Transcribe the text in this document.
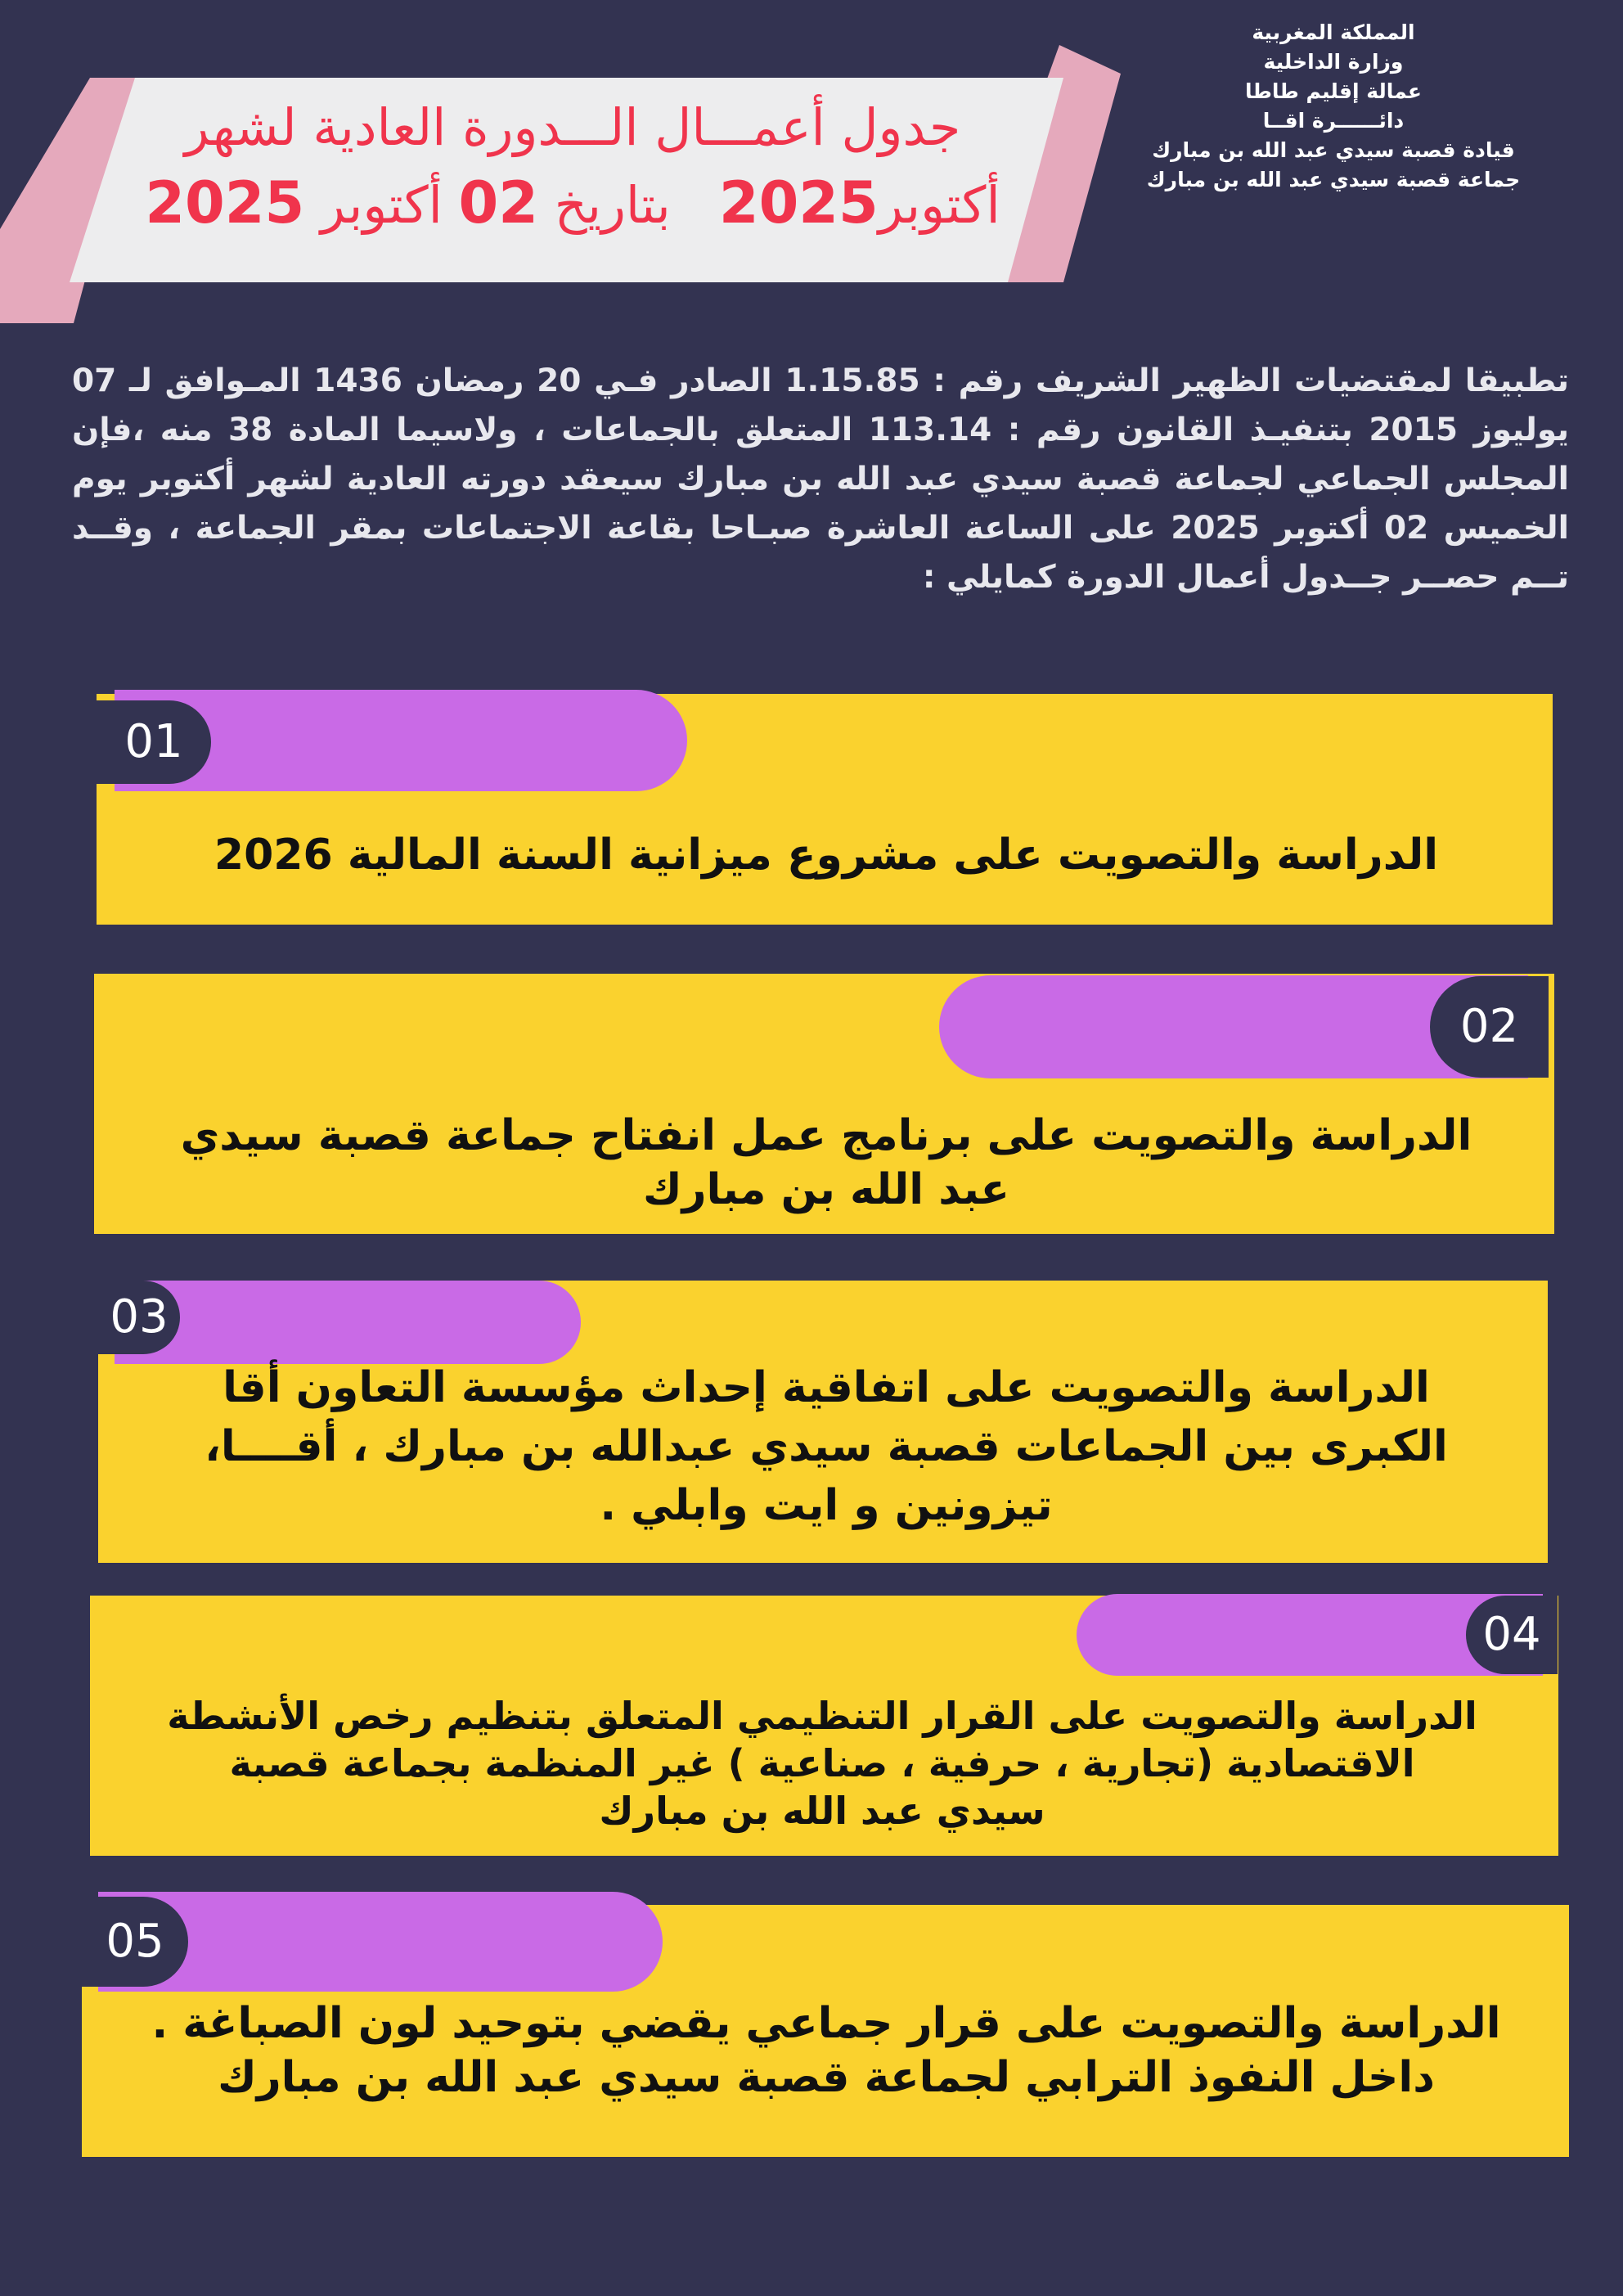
المملكة المغربية
وزارة الداخلية
عمالة إقليم طاطا
دائــــــرة اقــا
قيادة قصبة سيدي عبد الله بن مبارك
جماعة قصبة سيدي عبد الله بن مبارك
جدول أعمـــال الـــدورة العادية لشهر
أكتوبر2025   بتاريخ 02 أكتوبر 2025
تطبيقا لمقتضيات الظهير الشريف رقم : 1.15.85 الصادر فـي 20 رمضان 1436 المـوافق لـ 07 يوليوز 2015 بتنفيـذ القانون رقم : 113.14 المتعلق بالجماعات ، ولاسيما المادة 38 منه ،فإن المجلس الجماعي لجماعة قصبة سيدي عبد الله بن مبارك سيعقد دورته العادية لشهر أكتوبر يوم الخميس 02 أكتوبر 2025 على الساعة العاشرة صبـاحا بقاعة الاجتماعات بمقر الجماعة ، وقــد تــم حصــر جــدول أعمال الدورة كمايلي :
01
الدراسة والتصويت على مشروع ميزانية السنة المالية 2026
02
الدراسة والتصويت على برنامج عمل انفتاح جماعة قصبة سيدي
عبد الله بن مبارك
03
الدراسة والتصويت على اتفاقية إحداث مؤسسة التعاون أقا
الكبرى بين الجماعات قصبة سيدي عبدالله بن مبارك ، أقــــا،
تيزونين و ايت وابلي .
04
الدراسة والتصويت على القرار التنظيمي المتعلق بتنظيم رخص الأنشطة
الاقتصادية (تجارية ، حرفية ، صناعية ) غير المنظمة بجماعة قصبة
سيدي عبد الله بن مبارك
05
الدراسة والتصويت على قرار جماعي يقضي بتوحيد لون الصباغة .
داخل النفوذ الترابي لجماعة قصبة سيدي عبد الله بن مبارك
